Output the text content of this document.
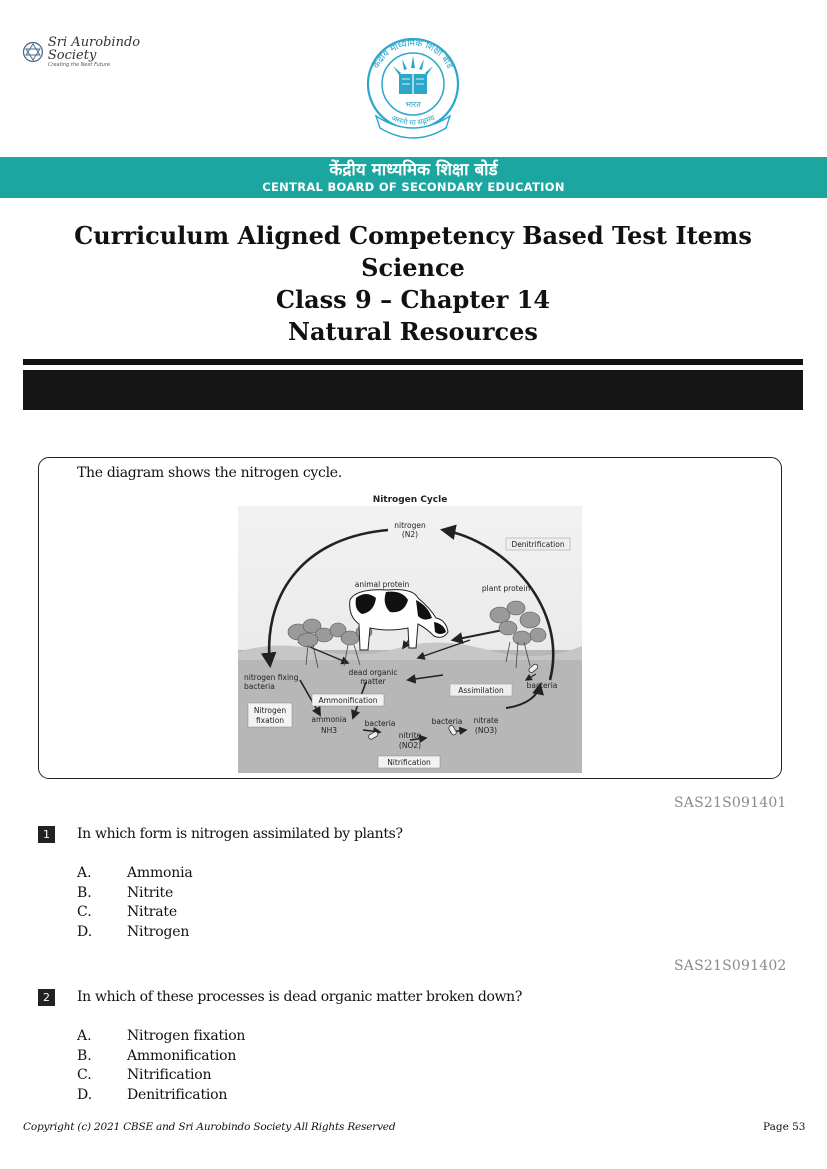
Sri Aurobindo Society
Creating the Next Future	केंद्रीय माध्यमिक शिक्षा बोर्ड
भारत
असतो मा सद्गमय
केंद्रीय माध्यमिक शिक्षा बोर्ड
CENTRAL BOARD OF SECONDARY EDUCATION
Curriculum Aligned Competency Based Test Items
Science
Class 9 – Chapter 14
Natural Resources
The diagram shows the nitrogen cycle.
Nitrogen Cycle
nitrogen
(N2)
animal protein	plant protein
nitrogen fixing
bacteria
dead organic
matter	bacteria
ammonia
NH3
bacteria	bacteria nitrate
(NO3)
nitrite
(NO2)
Denitrification
Ammonification
Assimilation
Nitrogen
fixation
Nitrification
SAS21S091401
1	In which form is nitrogen assimilated by plants?
A.	Ammonia
B.	Nitrite
C.	Nitrate
D. Nitrogen
SAS21S091402
2	In which of these processes is dead organic matter broken down?
A.	Nitrogen fixation
B.	Ammonification
C.	Nitrification
D. Denitrification
Copyright (c) 2021 CBSE and Sri Aurobindo Society All Rights Reserved	Page 53
